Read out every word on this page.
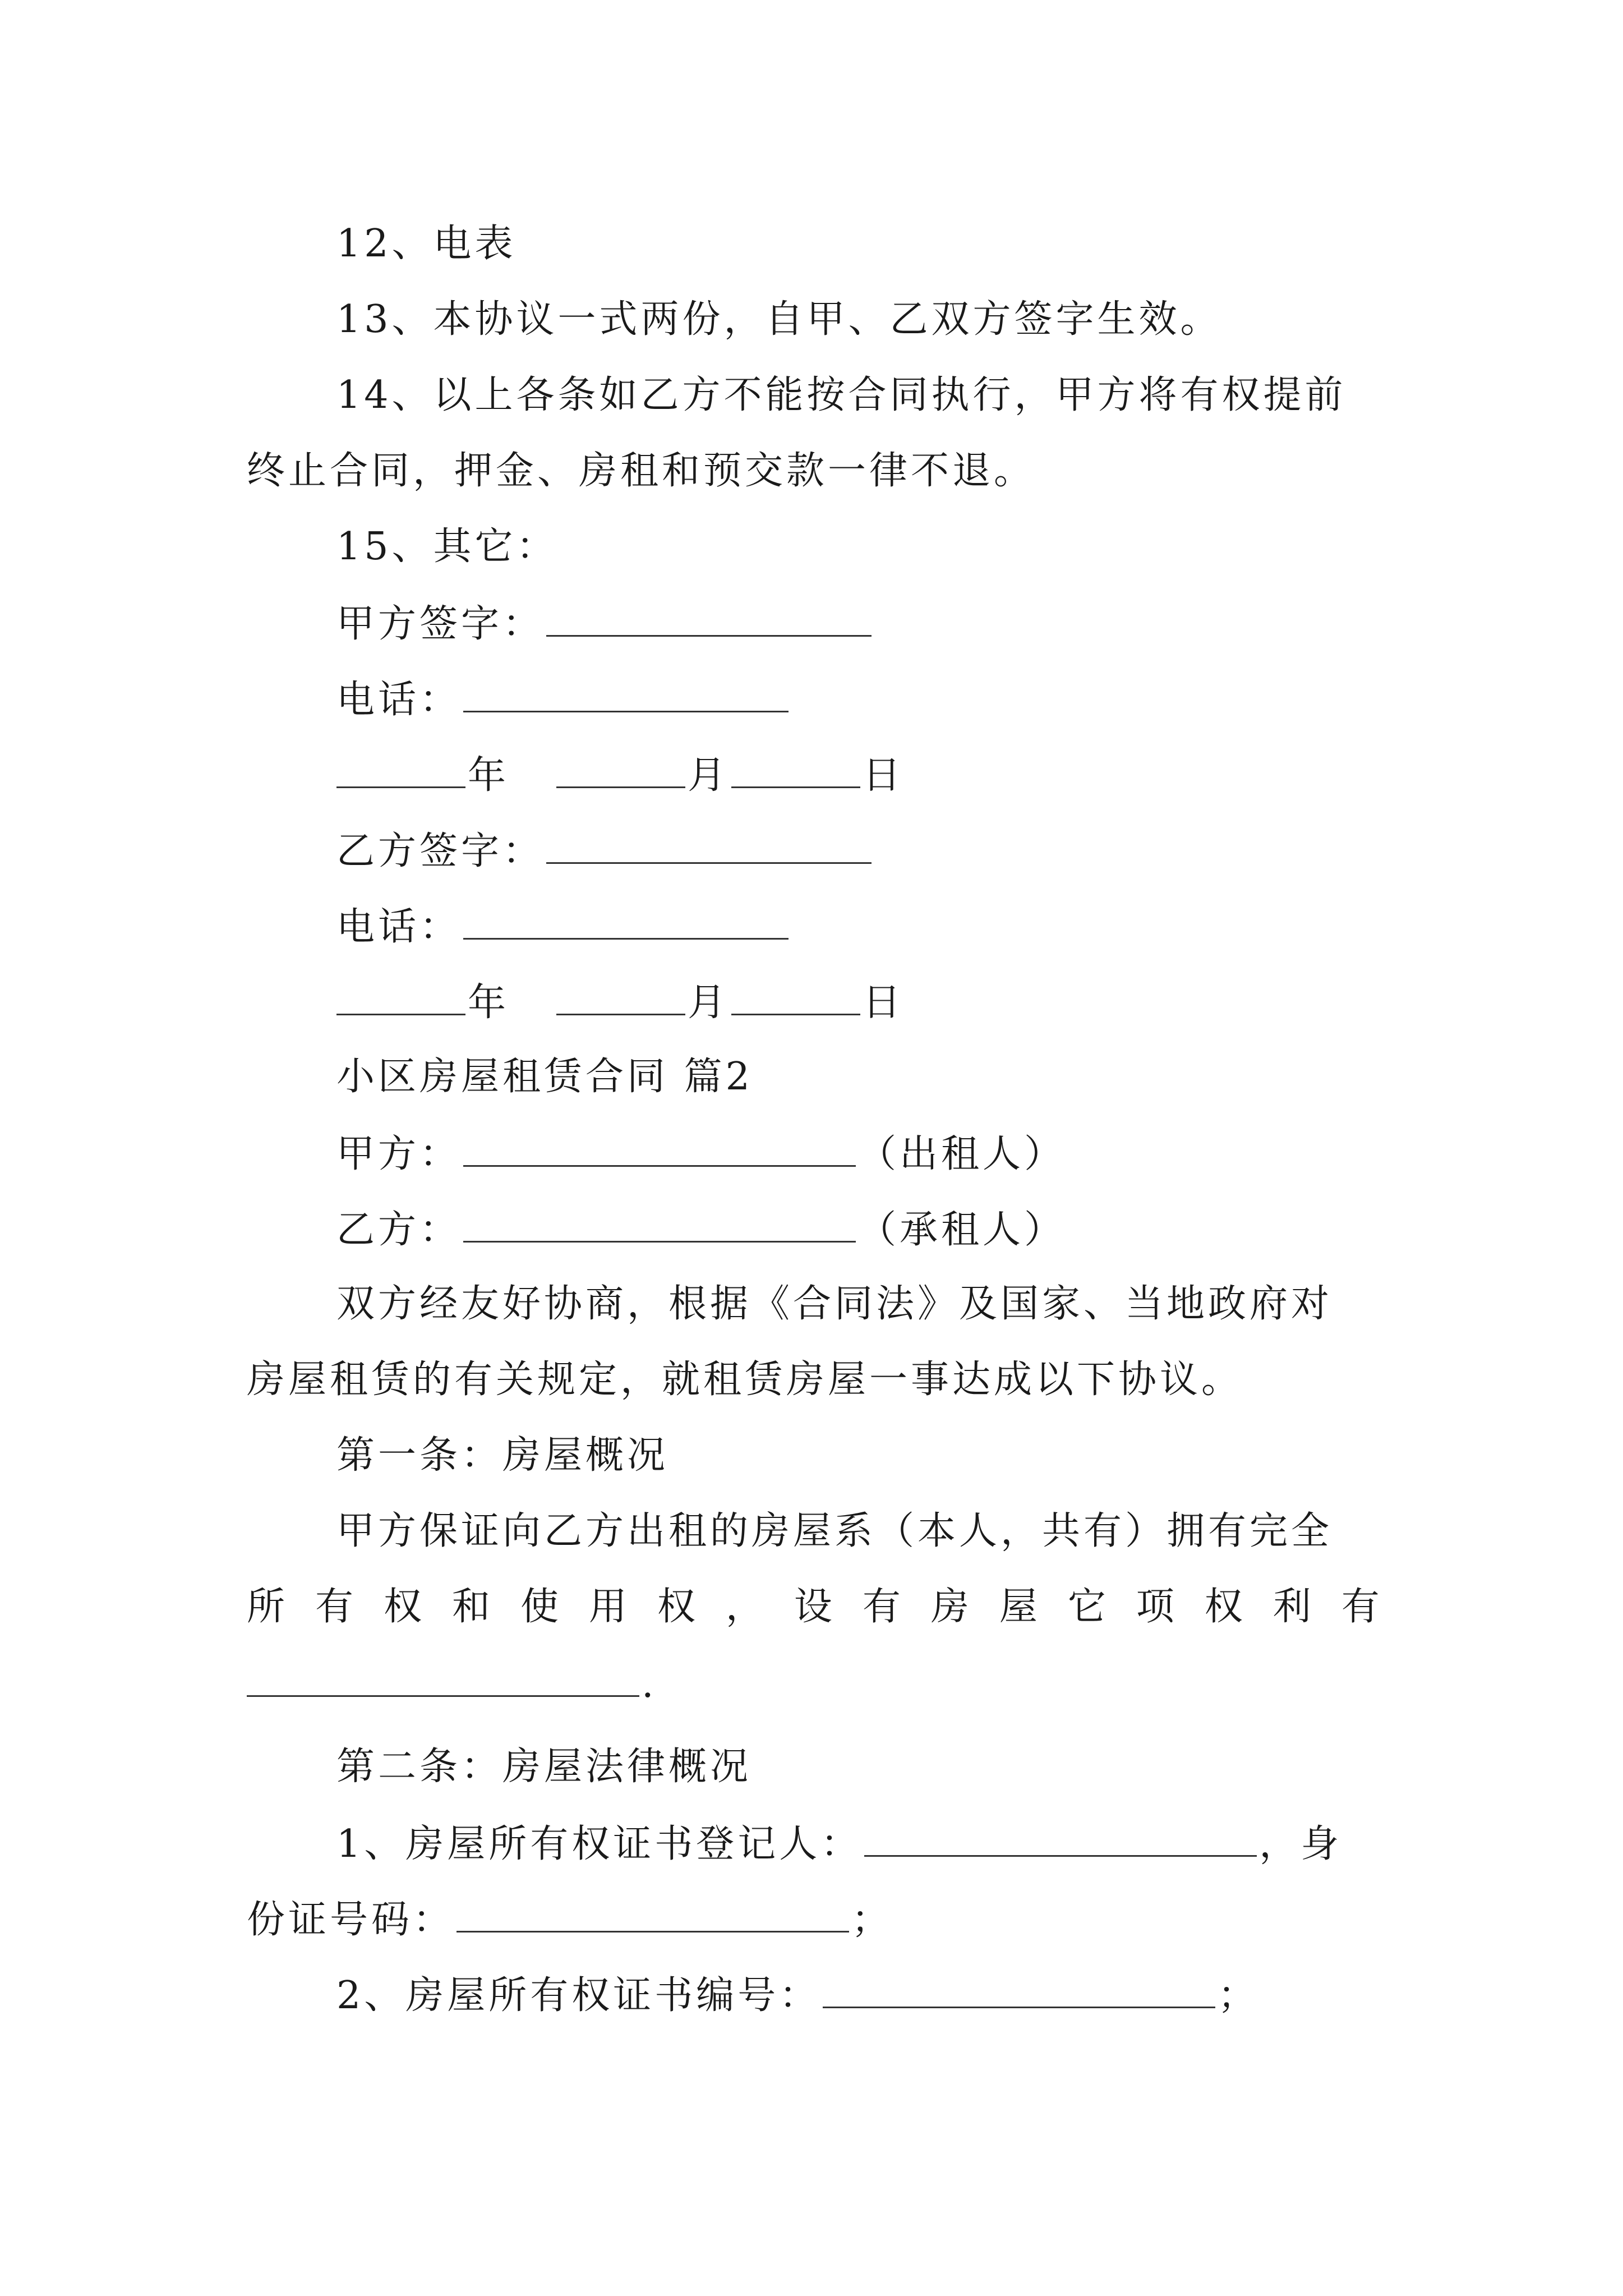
12、电表
13、本协议一式两份，自甲、乙双方签字生效。
14、以上各条如乙方不能按合同执行，甲方将有权提前
终止合同，押金、房租和预交款一律不退。
15、其它：
甲方签字：
电话：
年	月	日
乙方签字：
电话：
年	月	日
小区房屋租赁合同 篇2
甲方：	（出租人）
乙方：	（承租人）
双方经友好协商，根据《合同法》及国家、当地政府对
房屋租赁的有关规定，就租赁房屋一事达成以下协议。
第一条：房屋概况
甲方保证向乙方出租的房屋系（本人，共有）拥有完全
所 有 权 和 使 用 权 ， 设 有 房 屋 它 项 权 利 有
.
第二条：房屋法律概况
1、房屋所有权证书登记人：	，身
份证号码：	；
2、房屋所有权证书编号：	；
